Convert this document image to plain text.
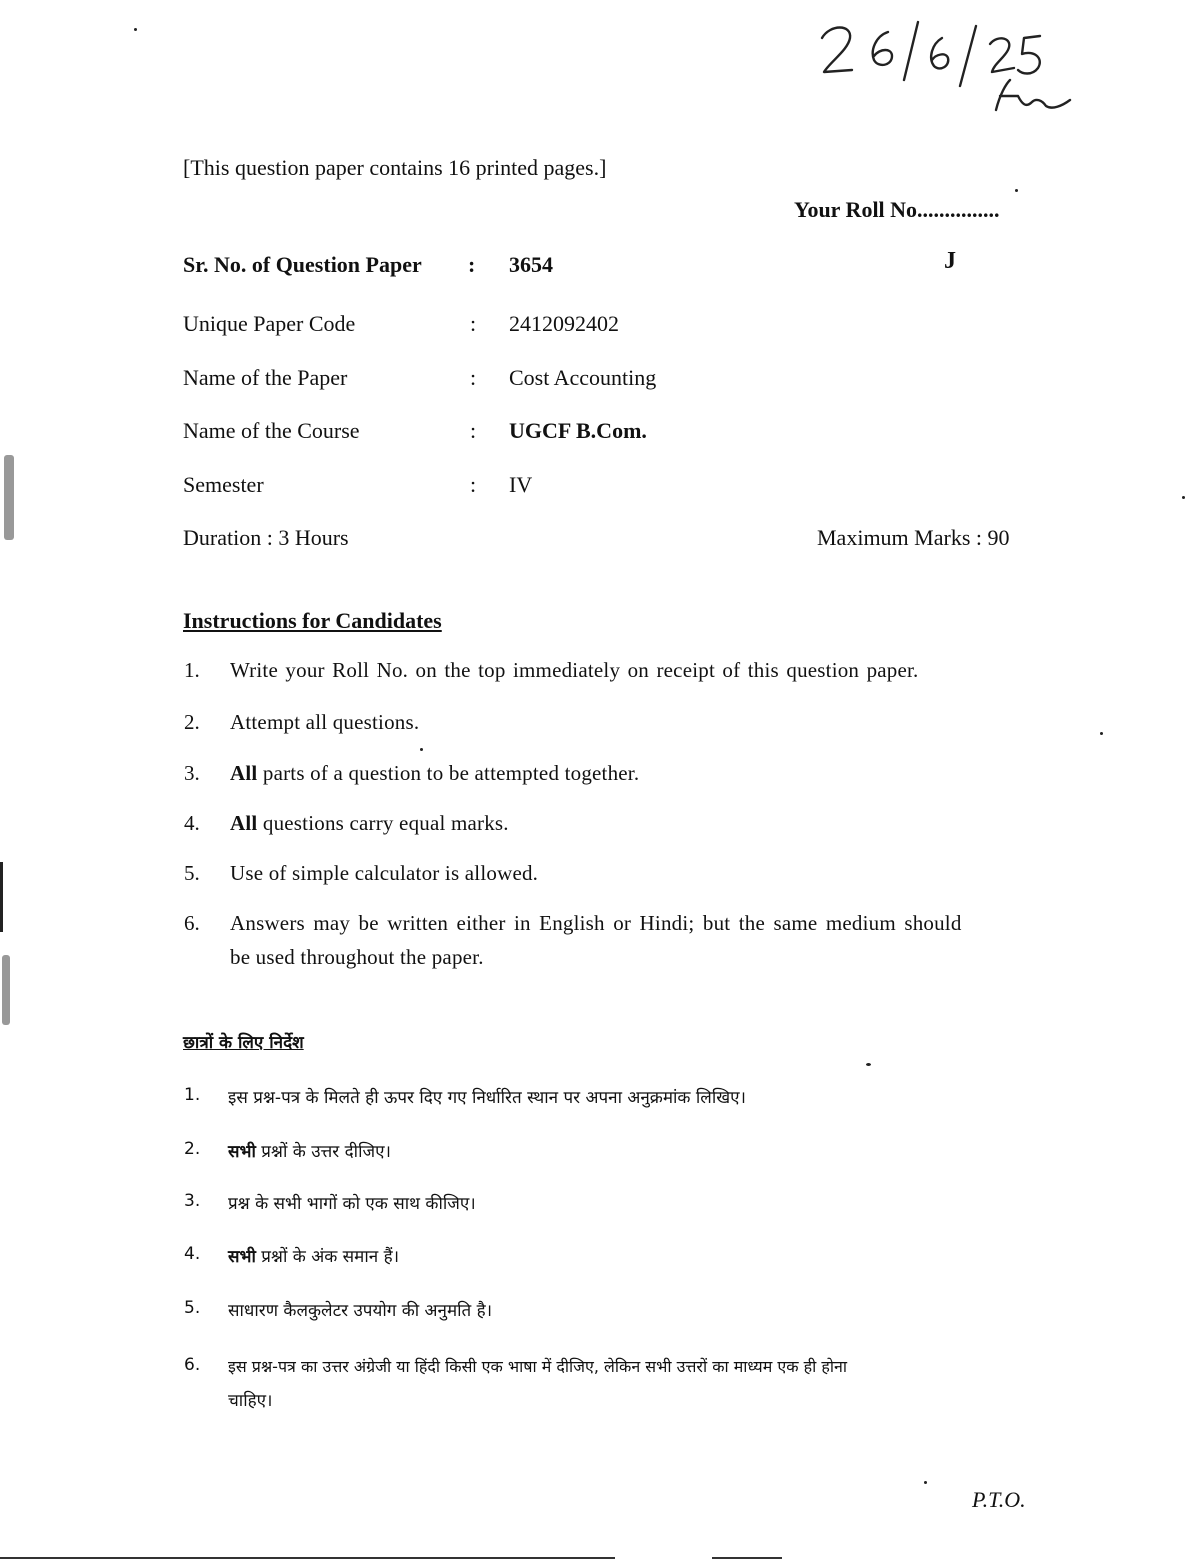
[This question paper contains 16 printed pages.]
Your Roll No...............
J
Sr. No. of Question Paper : 3654
Unique Paper Code	: 2412092402
Name of the Paper	: Cost Accounting
Name of the Course	: UGCF B.Com.
Semester	: IV
Duration : 3 Hours	Maximum Marks : 90
Instructions for Candidates
1. Write your Roll No. on the top immediately on receipt of this question paper.
2. Attempt all questions.
All parts of a question to be attempted together.
3.
All questions carry equal marks.
4.
5. Use of simple calculator is allowed.
6. Answers may be written either in English or Hindi; but the same medium should
be used throughout the paper.
छात्रों के लिए निर्देश
1. इस प्रश्न-पत्र के मिलते ही ऊपर दिए गए निर्धारित स्थान पर अपना अनुक्रमांक लिखिए।
2. सभी प्रश्नों के उत्तर दीजिए।
3. प्रश्न के सभी भागों को एक साथ कीजिए।
4. सभी प्रश्नों के अंक समान हैं।
5. साधारण कैलकुलेटर उपयोग की अनुमति है।
6. इस प्रश्न-पत्र का उत्तर अंग्रेजी या हिंदी किसी एक भाषा में दीजिए, लेकिन सभी उत्तरों का माध्यम एक ही होना
चाहिए।
P.T.O.
